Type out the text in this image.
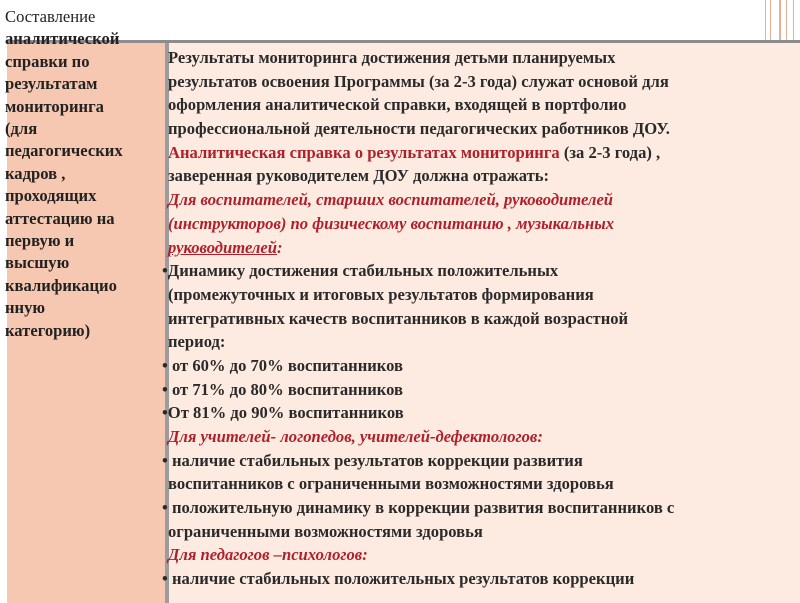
Составление
аналитической
справки по
результатам
мониторинга
(для
педагогических
кадров ,
проходящих
аттестацию на
первую и
высшую
квалификацио
нную
категорию)
Результаты мониторинга достижения детьми планируемых
результатов освоения Программы (за 2-3 года) служат основой для
оформления аналитической справки, входящей в портфолио
профессиональной деятельности педагогических работников ДОУ.
Аналитическая справка о результатах мониторинга (за 2-3 года) ,
заверенная руководителем ДОУ должна отражать:
Для воспитателей, старших воспитателей, руководителей
(инструкторов) по физическому воспитанию , музыкальных
руководителей:
•Динамику достижения стабильных положительных
(промежуточных и итоговых результатов формирования
интегративных качеств воспитанников в каждой возрастной
период:
• от 60% до 70% воспитанников
• от 71% до 80% воспитанников
•От 81% до 90% воспитанников
Для учителей- логопедов, учителей-дефектологов:
• наличие стабильных результатов коррекции развития
воспитанников с ограниченными возможностями здоровья
• положительную динамику в коррекции развития воспитанников с
ограниченными возможностями здоровья
Для педагогов –психологов:
• наличие стабильных положительных результатов коррекции
